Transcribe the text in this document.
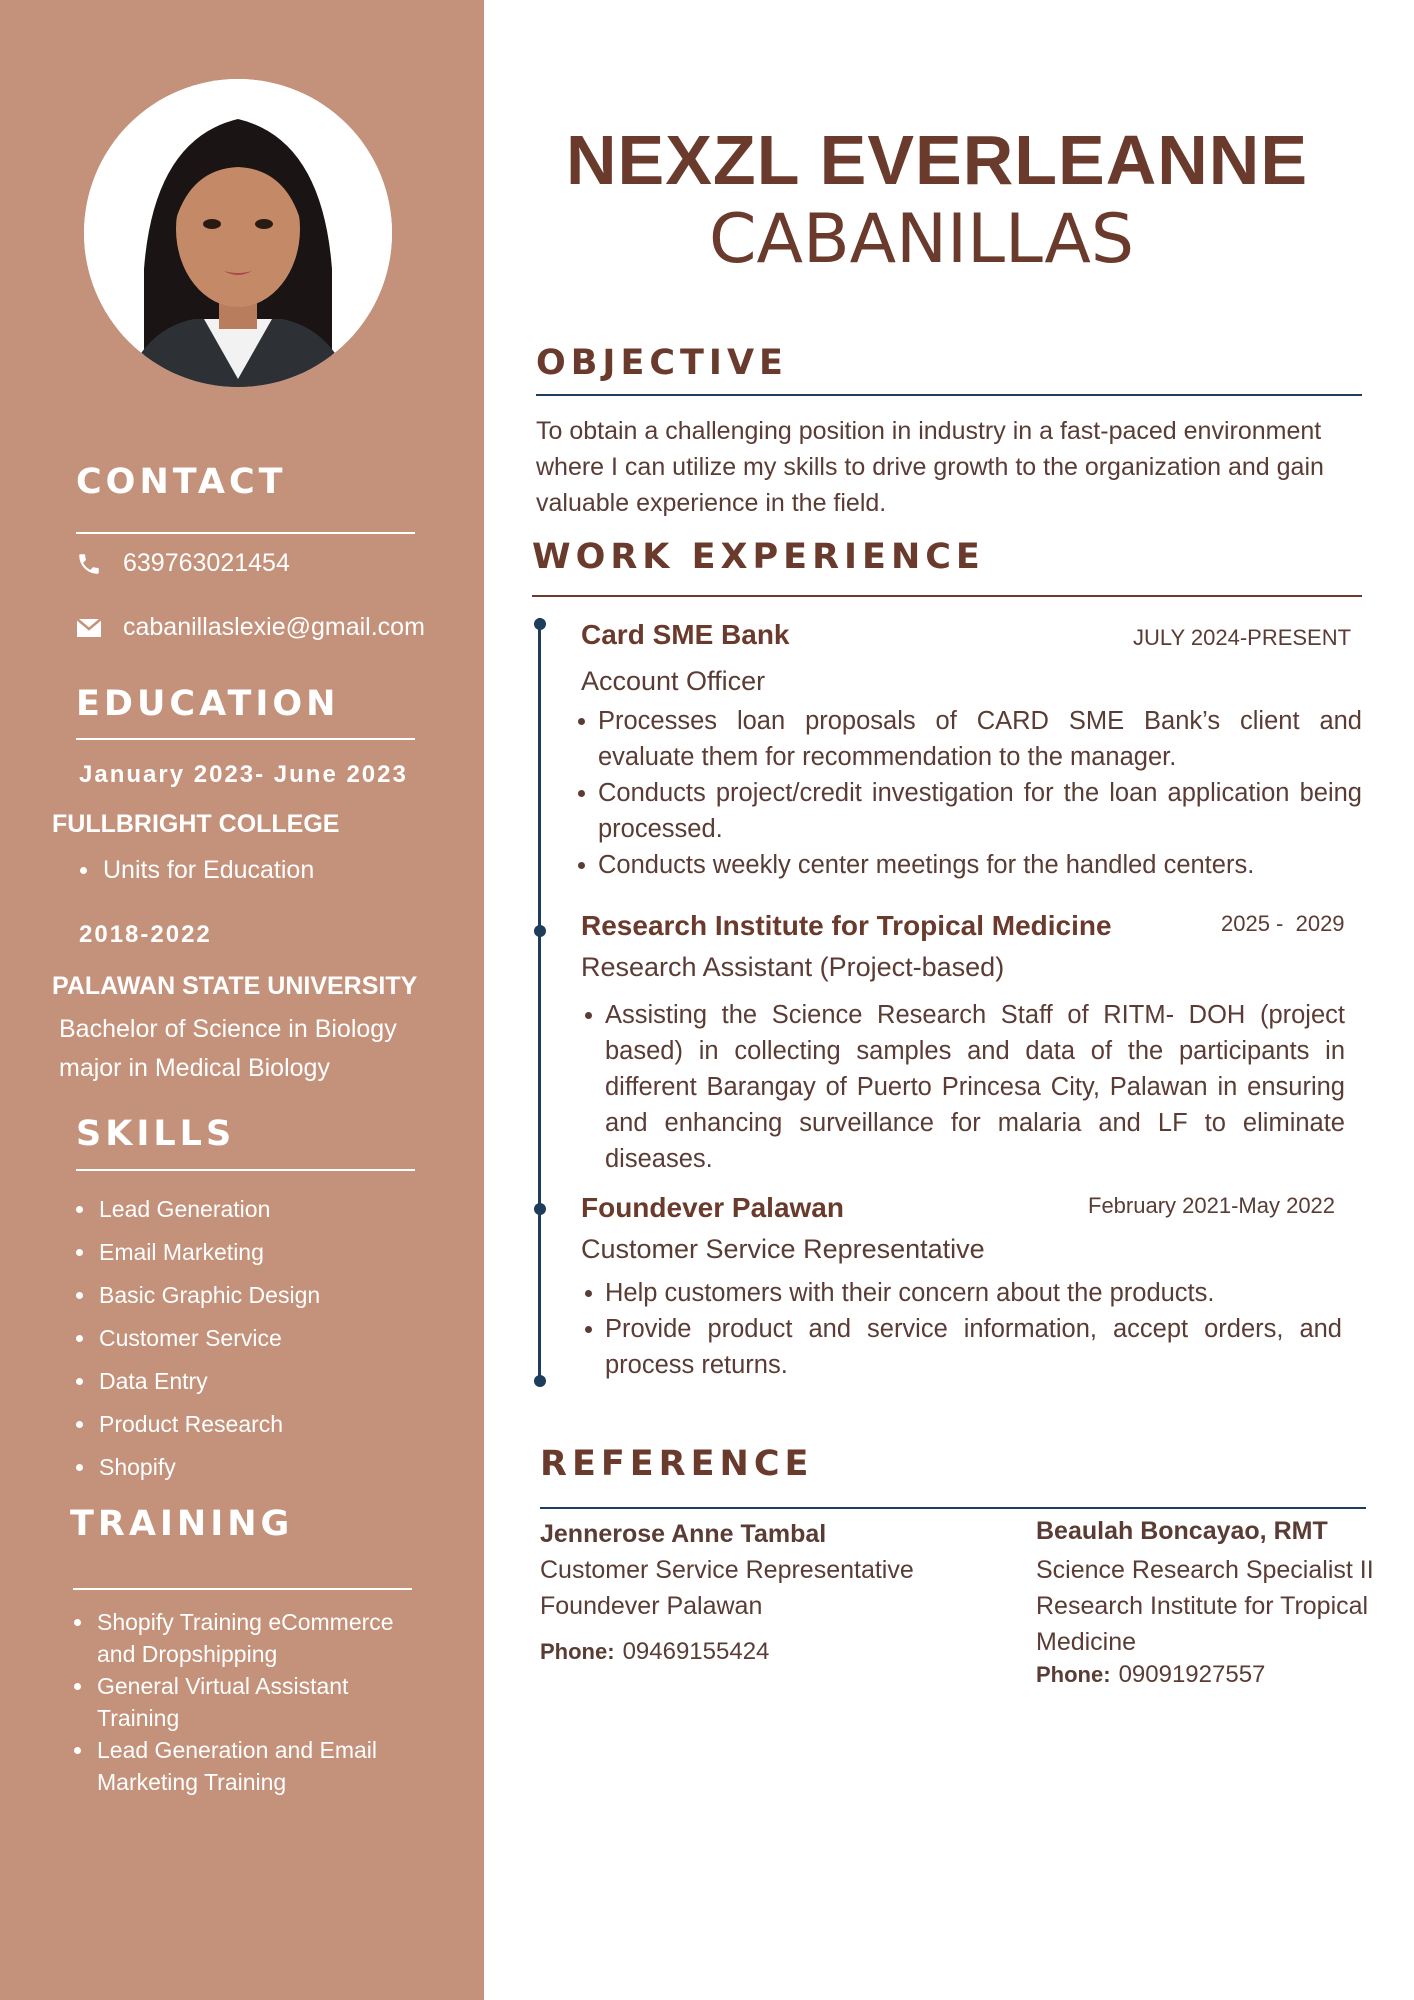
CONTACT
639763021454
cabanillaslexie@gmail.com
EDUCATION
January 2023- June 2023
FULLBRIGHT COLLEGE
Units for Education
2018-2022
PALAWAN STATE UNIVERSITY
Bachelor of Science in Biology
major in Medical Biology
SKILLS
Lead Generation
Email Marketing
Basic Graphic Design
Customer Service
Data Entry
Product Research
Shopify
TRAINING
Shopify Training eCommerce
and Dropshipping
General Virtual Assistant
Training
Lead Generation and Email
Marketing Training
NEXZL EVERLEANNE
CABANILLAS
OBJECTIVE
To obtain a challenging position in industry in a fast-paced environment where I can utilize my skills to drive growth to the organization and gain valuable experience in the field.
WORK EXPERIENCE
Card SME Bank	JULY 2024-PRESENT
Account Officer
Processes loan proposals of CARD SME Bank’s client and evaluate them for recommendation to the manager.
Conducts project/credit investigation for the loan application being processed.
Conducts weekly center meetings for the handled centers.
Research Institute for Tropical Medicine	2025 -  2029
Research Assistant (Project-based)
Assisting the Science Research Staff of RITM- DOH (project based) in collecting samples and data of the participants in different Barangay of Puerto Princesa City, Palawan in ensuring and enhancing surveillance for malaria and LF to eliminate diseases.
Foundever Palawan	February 2021-May 2022
Customer Service Representative
Help customers with their concern about the products.
Provide product and service information, accept orders, and process returns.
REFERENCE
Jennerose Anne Tambal
Customer Service Representative
Foundever Palawan
Phone: 09469155424
Beaulah Boncayao, RMT
Science Research Specialist II
Research Institute for Tropical
Medicine
Phone: 09091927557
